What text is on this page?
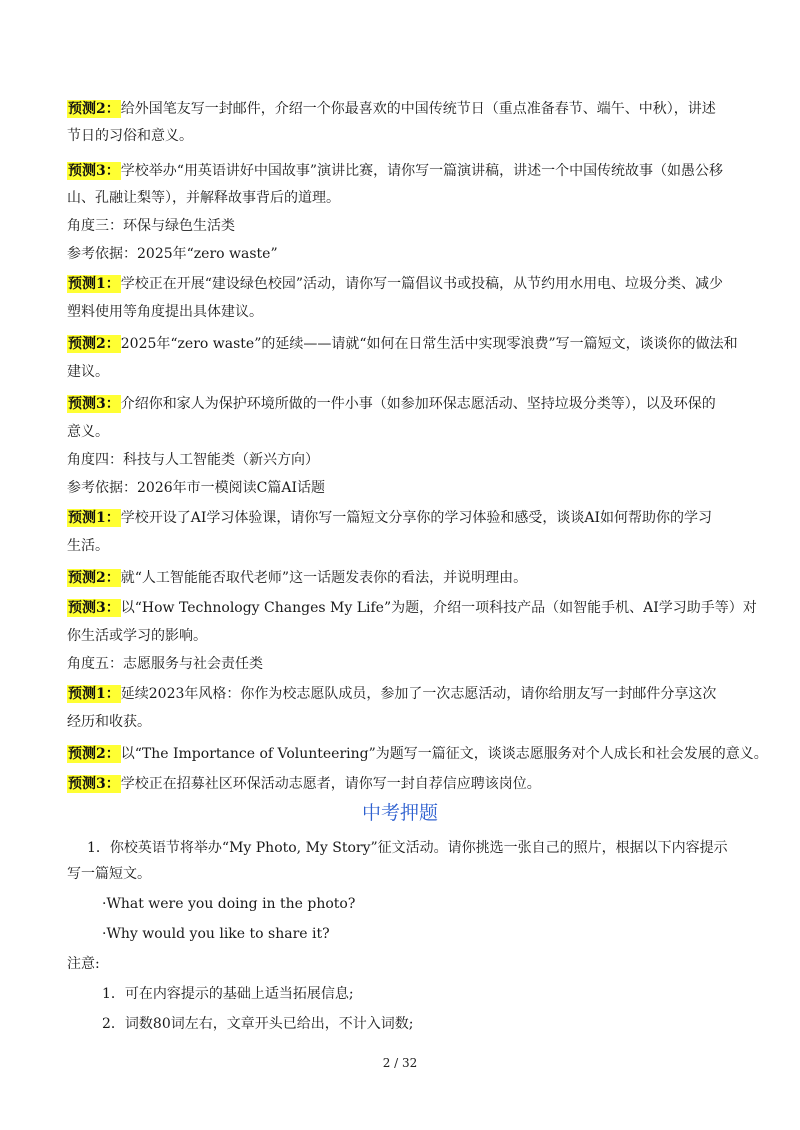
预测2：给外国笔友写一封邮件，介绍一个你最喜欢的中国传统节日（重点准备春节、端午、中秋），讲述
节日的习俗和意义。
预测3：学校举办“用英语讲好中国故事”演讲比赛，请你写一篇演讲稿，讲述一个中国传统故事（如愚公移
山、孔融让梨等），并解释故事背后的道理。
角度三：环保与绿色生活类
参考依据：2025年“zero waste”
预测1：学校正在开展“建设绿色校园”活动，请你写一篇倡议书或投稿，从节约用水用电、垃圾分类、减少
塑料使用等角度提出具体建议。
预测2：2025年“zero waste”的延续——请就“如何在日常生活中实现零浪费”写一篇短文，谈谈你的做法和
建议。
预测3：介绍你和家人为保护环境所做的一件小事（如参加环保志愿活动、坚持垃圾分类等），以及环保的
意义。
角度四：科技与人工智能类（新兴方向）
参考依据：2026年市一模阅读C篇AI话题
预测1：学校开设了AI学习体验课，请你写一篇短文分享你的学习体验和感受，谈谈AI如何帮助你的学习
生活。
预测2：就“人工智能能否取代老师”这一话题发表你的看法，并说明理由。
预测3：以“How Technology Changes My Life”为题，介绍一项科技产品（如智能手机、AI学习助手等）对
你生活或学习的影响。
角度五：志愿服务与社会责任类
预测1：延续2023年风格：你作为校志愿队成员，参加了一次志愿活动，请你给朋友写一封邮件分享这次
经历和收获。
预测2：以“The Importance of Volunteering”为题写一篇征文，谈谈志愿服务对个人成长和社会发展的意义。
预测3：学校正在招募社区环保活动志愿者，请你写一封自荐信应聘该岗位。
中考押题
1．你校英语节将举办“My Photo, My Story”征文活动。请你挑选一张自己的照片，根据以下内容提示
写一篇短文。
·What were you doing in the photo?
·Why would you like to share it?
注意:
1．可在内容提示的基础上适当拓展信息;
2．词数80词左右，文章开头已给出，不计入词数;
2 / 32
